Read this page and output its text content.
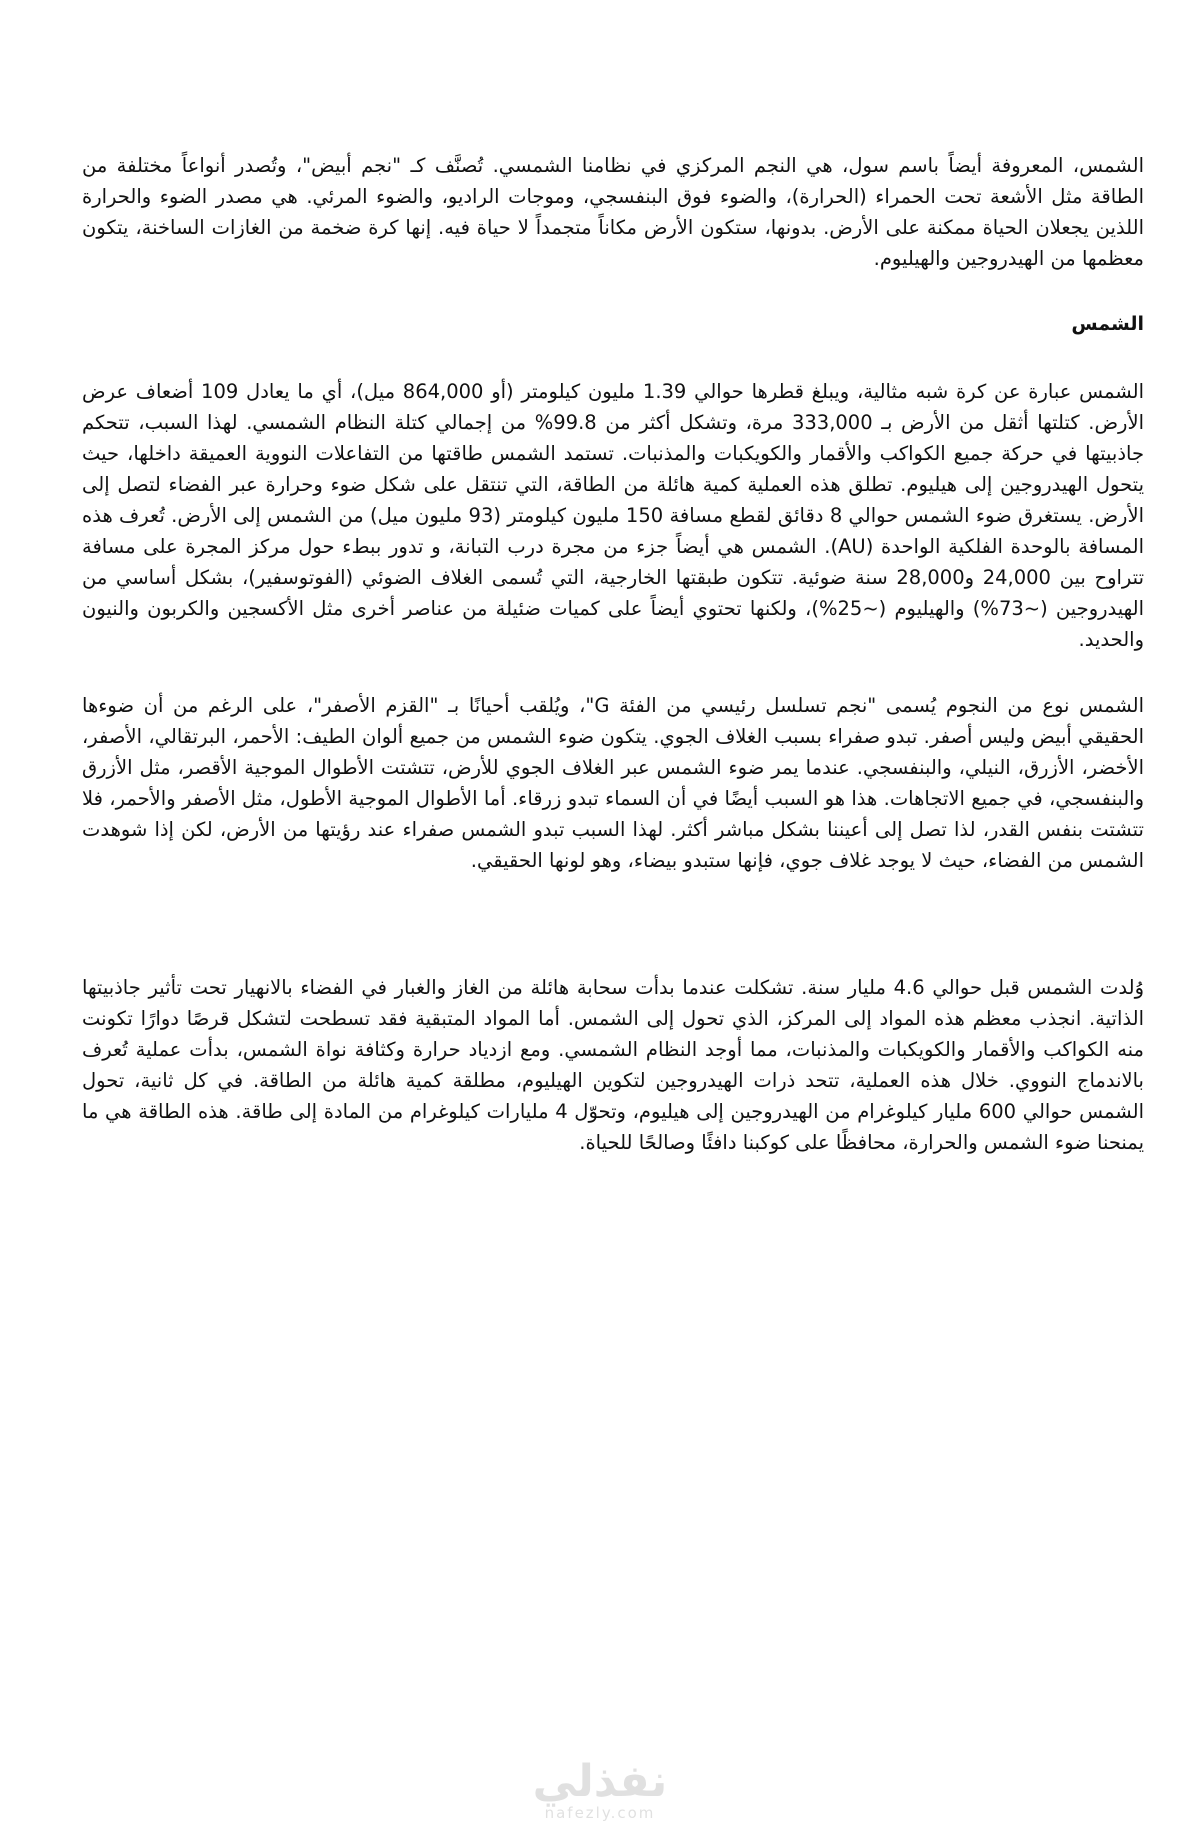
الشمس، المعروفة أيضاً باسم سول، هي النجم المركزي في نظامنا الشمسي. تُصنَّف كـ "نجم أبيض"، وتُصدر أنواعاً مختلفة من الطاقة مثل الأشعة تحت الحمراء (الحرارة)، والضوء فوق البنفسجي، وموجات الراديو، والضوء المرئي. هي مصدر الضوء والحرارة اللذين يجعلان الحياة ممكنة على الأرض. بدونها، ستكون الأرض مكاناً متجمداً لا حياة فيه. إنها كرة ضخمة من الغازات الساخنة، يتكون معظمها من الهيدروجين والهيليوم.

الشمس

الشمس عبارة عن كرة شبه مثالية، ويبلغ قطرها حوالي 1.39 مليون كيلومتر (أو 864,000 ميل)، أي ما يعادل 109 أضعاف عرض الأرض. كتلتها أثقل من الأرض بـ 333,000 مرة، وتشكل أكثر من 99.8% من إجمالي كتلة النظام الشمسي. لهذا السبب، تتحكم جاذبيتها في حركة جميع الكواكب والأقمار والكويكبات والمذنبات. تستمد الشمس طاقتها من التفاعلات النووية العميقة داخلها، حيث يتحول الهيدروجين إلى هيليوم. تطلق هذه العملية كمية هائلة من الطاقة، التي تنتقل على شكل ضوء وحرارة عبر الفضاء لتصل إلى الأرض. يستغرق ضوء الشمس حوالي 8 دقائق لقطع مسافة 150 مليون كيلومتر (93 مليون ميل) من الشمس إلى الأرض. تُعرف هذه المسافة بالوحدة الفلكية الواحدة (AU). الشمس هي أيضاً جزء من مجرة درب التبانة، و تدور ببطء حول مركز المجرة على مسافة تتراوح بين 24,000 و28,000 سنة ضوئية. تتكون طبقتها الخارجية، التي تُسمى الغلاف الضوئي (الفوتوسفير)، بشكل أساسي من الهيدروجين (~73%) والهيليوم (~25%)، ولكنها تحتوي أيضاً على كميات ضئيلة من عناصر أخرى مثل الأكسجين والكربون والنيون والحديد.

الشمس نوع من النجوم يُسمى "نجم تسلسل رئيسي من الفئة G"، ويُلقب أحيانًا بـ "القزم الأصفر"، على الرغم من أن ضوءها الحقيقي أبيض وليس أصفر. تبدو صفراء بسبب الغلاف الجوي. يتكون ضوء الشمس من جميع ألوان الطيف: الأحمر، البرتقالي، الأصفر، الأخضر، الأزرق، النيلي، والبنفسجي. عندما يمر ضوء الشمس عبر الغلاف الجوي للأرض، تتشتت الأطوال الموجية الأقصر، مثل الأزرق والبنفسجي، في جميع الاتجاهات. هذا هو السبب أيضًا في أن السماء تبدو زرقاء. أما الأطوال الموجية الأطول، مثل الأصفر والأحمر، فلا تتشتت بنفس القدر، لذا تصل إلى أعيننا بشكل مباشر أكثر. لهذا السبب تبدو الشمس صفراء عند رؤيتها من الأرض، لكن إذا شوهدت الشمس من الفضاء، حيث لا يوجد غلاف جوي، فإنها ستبدو بيضاء، وهو لونها الحقيقي.

وُلدت الشمس قبل حوالي 4.6 مليار سنة. تشكلت عندما بدأت سحابة هائلة من الغاز والغبار في الفضاء بالانهيار تحت تأثير جاذبيتها الذاتية. انجذب معظم هذه المواد إلى المركز، الذي تحول إلى الشمس. أما المواد المتبقية فقد تسطحت لتشكل قرصًا دوارًا تكونت منه الكواكب والأقمار والكويكبات والمذنبات، مما أوجد النظام الشمسي. ومع ازدياد حرارة وكثافة نواة الشمس، بدأت عملية تُعرف بالاندماج النووي. خلال هذه العملية، تتحد ذرات الهيدروجين لتكوين الهيليوم، مطلقة كمية هائلة من الطاقة. في كل ثانية، تحول الشمس حوالي 600 مليار كيلوغرام من الهيدروجين إلى هيليوم، وتحوّل 4 مليارات كيلوغرام من المادة إلى طاقة. هذه الطاقة هي ما يمنحنا ضوء الشمس والحرارة، محافظًا على كوكبنا دافئًا وصالحًا للحياة.

نفذلي
nafezly.com
